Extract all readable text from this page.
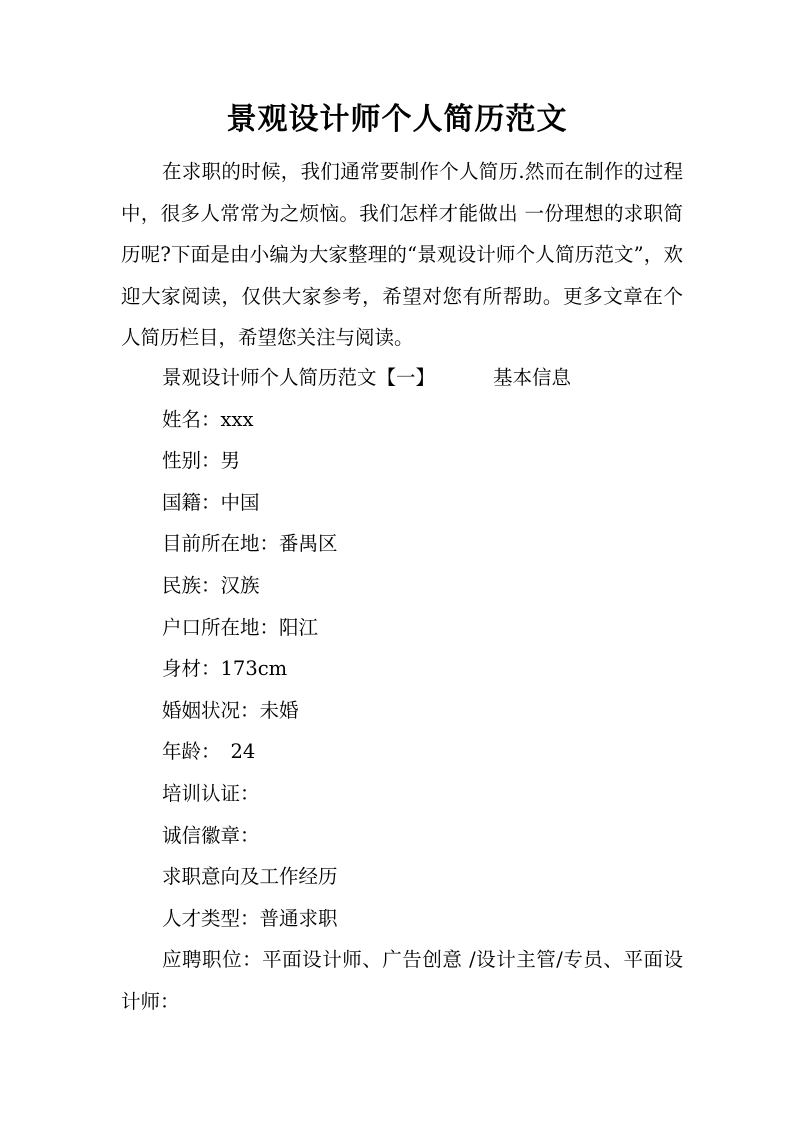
景观设计师个人简历范文

在求职的时候，我们通常要制作个人简历.然而在制作的过程中，很多人常常为之烦恼。我们怎样才能做出 一份理想的求职简历呢?下面是由小编为大家整理的“景观设计师个人简历范文”，欢迎大家阅读，仅供大家参考，希望对您有所帮助。更多文章在个人简历栏目，希望您关注与阅读。

景观设计师个人简历范文【一】	基本信息
姓名：xxx
性别：男
国籍：中国
目前所在地：番禺区
民族：汉族
户口所在地：阳江
身材：173cm
婚姻状况：未婚
年龄： 24
培训认证：
诚信徽章：
求职意向及工作经历
人才类型：普通求职

应聘职位：平面设计师、广告创意 /设计主管/专员、平面设计师：
